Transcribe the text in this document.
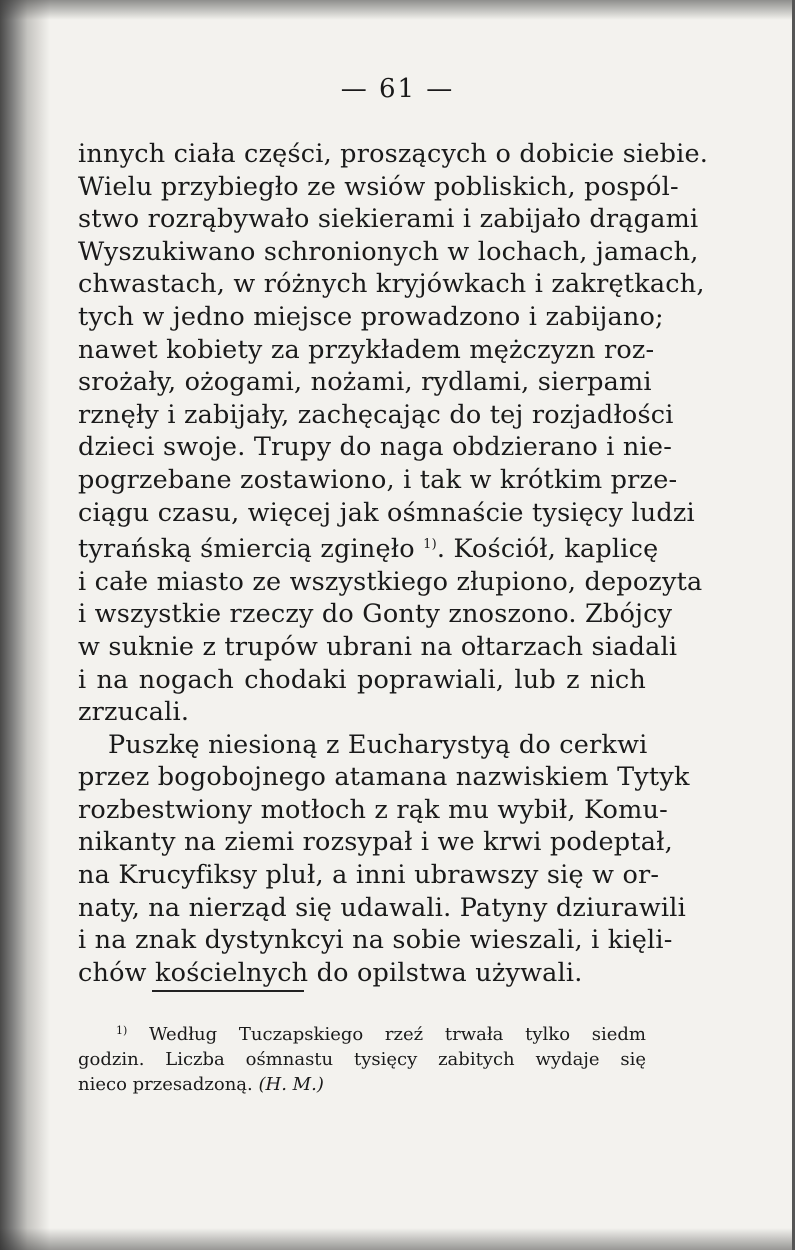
— 61 —
innych ciała części, proszących o dobicie siebie.
Wielu przybiegło ze wsiów pobliskich, pospól-
stwo rozrąbywało siekierami i zabijało drągami
Wyszukiwano schronionych w lochach, jamach,
chwastach, w różnych kryjówkach i zakrętkach,
tych w jedno miejsce prowadzono i zabijano;
nawet kobiety za przykładem mężczyzn roz-
srożały, ożogami, nożami, rydlami, sierpami
rznęły i zabijały, zachęcając do tej rozjadłości
dzieci swoje. Trupy do naga obdzierano i nie-
pogrzebane zostawiono, i tak w krótkim prze-
ciągu czasu, więcej jak ośmnaście tysięcy ludzi
tyrańską śmiercią zginęło $^{1)}$. Kościół, kaplicę
i całe miasto ze wszystkiego złupiono, depozyta
i wszystkie rzeczy do Gonty znoszono. Zbójcy
w suknie z trupów ubrani na ołtarzach siadali
i na nogach chodaki poprawiali, lub z nich
zrzucali.
Puszkę niesioną z Eucharystyą do cerkwi
przez bogobojnego atamana nazwiskiem Tytyk
rozbestwiony motłoch z rąk mu wybił, Komu-
nikanty na ziemi rozsypał i we krwi podeptał,
na Krucyfiksy pluł, a inni ubrawszy się w or-
naty, na nierząd się udawali. Patyny dziurawili
i na znak dystynkcyi na sobie wieszali, i kięli-
chów kościelnych do opilstwa używali.
$^{1)}$ Według Tuczapskiego rzeź trwała tylko siedm
godzin. Liczba ośmnastu tysięcy zabitych wydaje się
nieco przesadzoną. (H. M.)
